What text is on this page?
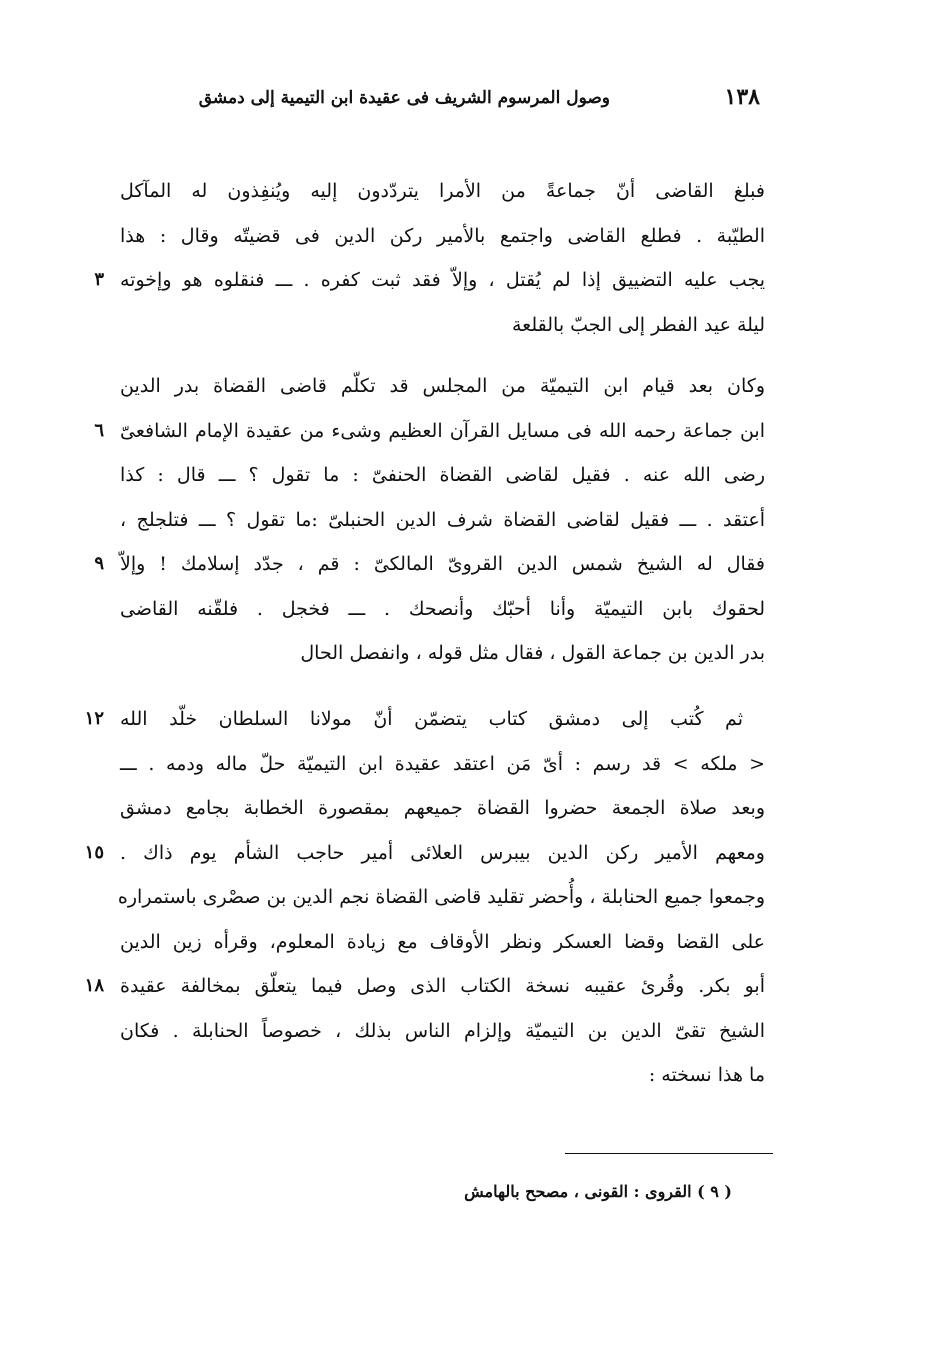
١٣٨
وصول المرسوم الشريف فى عقيدة ابن التيمية إلى دمشق
فبلغ القاضى أنّ جماعةً من الأمرا يتردّدون إليه ويُنفِذون له المآكل
الطيّبة . فطلع القاضى واجتمع بالأمير ركن الدين فى قضيتّه وقال : هذا
يجب عليه التضييق إذا لم يُقتل ، وإلاّ فقد ثبت كفره . ـــ فنقلوه هو وإخوته
٣
ليلة عيد الفطر إلى الجبّ بالقلعة
وكان بعد قيام ابن التيميّة من المجلس قد تكلّم قاضى القضاة بدر الدين
ابن جماعة رحمه الله فى مسايل القرآن العظيم وشىء من عقيدة الإمام الشافعىّ
٦
رضى الله عنه . فقيل لقاضى القضاة الحنفىّ : ما تقول ؟ ـــ قال : كذا
أعتقد . ـــ فقيل لقاضى القضاة شرف الدين الحنبلىّ :ما تقول ؟ ـــ فتلجلج ،
فقال له الشيخ شمس الدين القروىّ المالكىّ : قم ، جدّد إسلامك ! وإلاّ
٩
لحقوك بابن التيميّة وأنا أحبّك وأنصحك . ـــ فخجل . فلقّنه القاضى
بدر الدين بن جماعة القول ، فقال مثل قوله ، وانفصل الحال
ثم كُتب إلى دمشق كتاب يتضمّن أنّ مولانا السلطان خلّد الله
١٢
< ملكه > قد رسم : أىّ مَن اعتقد عقيدة ابن التيميّة حلّ ماله ودمه . ـــ
وبعد صلاة الجمعة حضروا القضاة جميعهم بمقصورة الخطابة بجامع دمشق
ومعهم الأمير ركن الدين بيبرس العلائى أمير حاجب الشأم يوم ذاك .
١٥
وجمعوا جميع الحنابلة ، وأُحضر تقليد قاضى القضاة نجم الدين بن صصْرى باستمراره
على القضا وقضا العسكر ونظر الأوقاف مع زيادة المعلوم، وقرأه زين الدين
أبو بكر. وقُرئ عقيبه نسخة الكتاب الذى وصل فيما يتعلّق بمخالفة عقيدة
١٨
الشيخ تقىّ الدين بن التيميّة وإلزام الناس بذلك ، خصوصاً الحنابلة . فكان
ما هذا نسخته :
( ٩ ) القروى : القونى ، مصحح بالهامش
